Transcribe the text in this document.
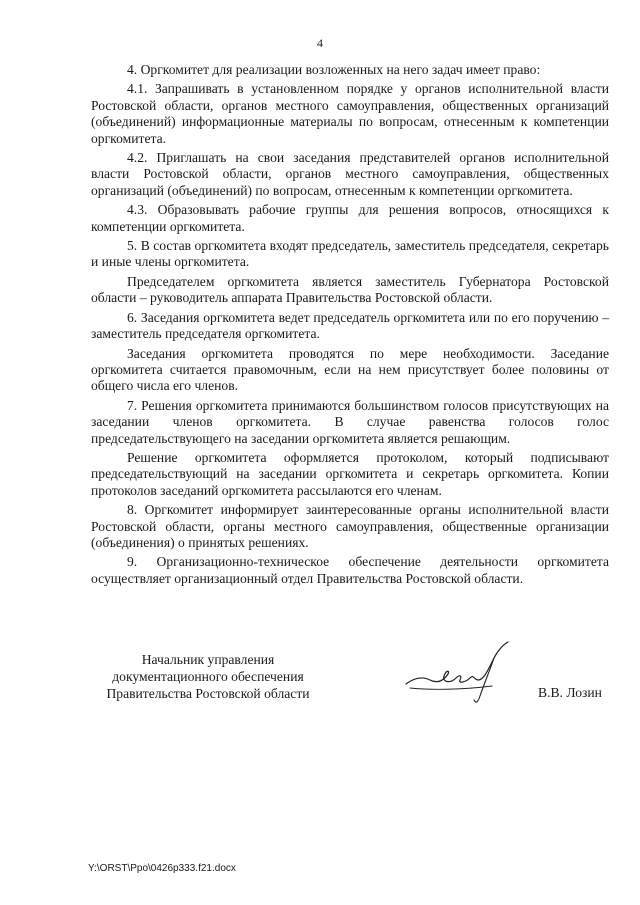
4

4. Оргкомитет для реализации возложенных на него задач имеет право:

4.1. Запрашивать в установленном порядке у органов исполнительной власти Ростовской области, органов местного самоуправления, общественных организаций (объединений) информационные материалы по вопросам, отнесенным к компетенции оргкомитета.

4.2. Приглашать на свои заседания представителей органов исполнительной власти Ростовской области, органов местного самоуправления, общественных организаций (объединений) по вопросам, отнесенным к компетенции оргкомитета.

4.3. Образовывать рабочие группы для решения вопросов, относящихся к компетенции оргкомитета.

5. В состав оргкомитета входят председатель, заместитель председателя, секретарь и иные члены оргкомитета.

Председателем оргкомитета является заместитель Губернатора Ростовской области – руководитель аппарата Правительства Ростовской области.

6. Заседания оргкомитета ведет председатель оргкомитета или по его поручению – заместитель председателя оргкомитета.

Заседания оргкомитета проводятся по мере необходимости. Заседание оргкомитета считается правомочным, если на нем присутствует более половины от общего числа его членов.

7. Решения оргкомитета принимаются большинством голосов присутствующих на заседании членов оргкомитета. В случае равенства голосов голос председательствующего на заседании оргкомитета является решающим.

Решение оргкомитета оформляется протоколом, который подписывают председательствующий на заседании оргкомитета и секретарь оргкомитета. Копии протоколов заседаний оргкомитета рассылаются его членам.

8. Оргкомитет информирует заинтересованные органы исполнительной власти Ростовской области, органы местного самоуправления, общественные организации (объединения) о принятых решениях.

9. Организационно-техническое обеспечение деятельности оргкомитета осуществляет организационный отдел Правительства Ростовской области.

Начальник управления
документационного обеспечения
Правительства Ростовской области	В.В. Лозин
Y:\ORST\Ppo\0426p333.f21.docx
